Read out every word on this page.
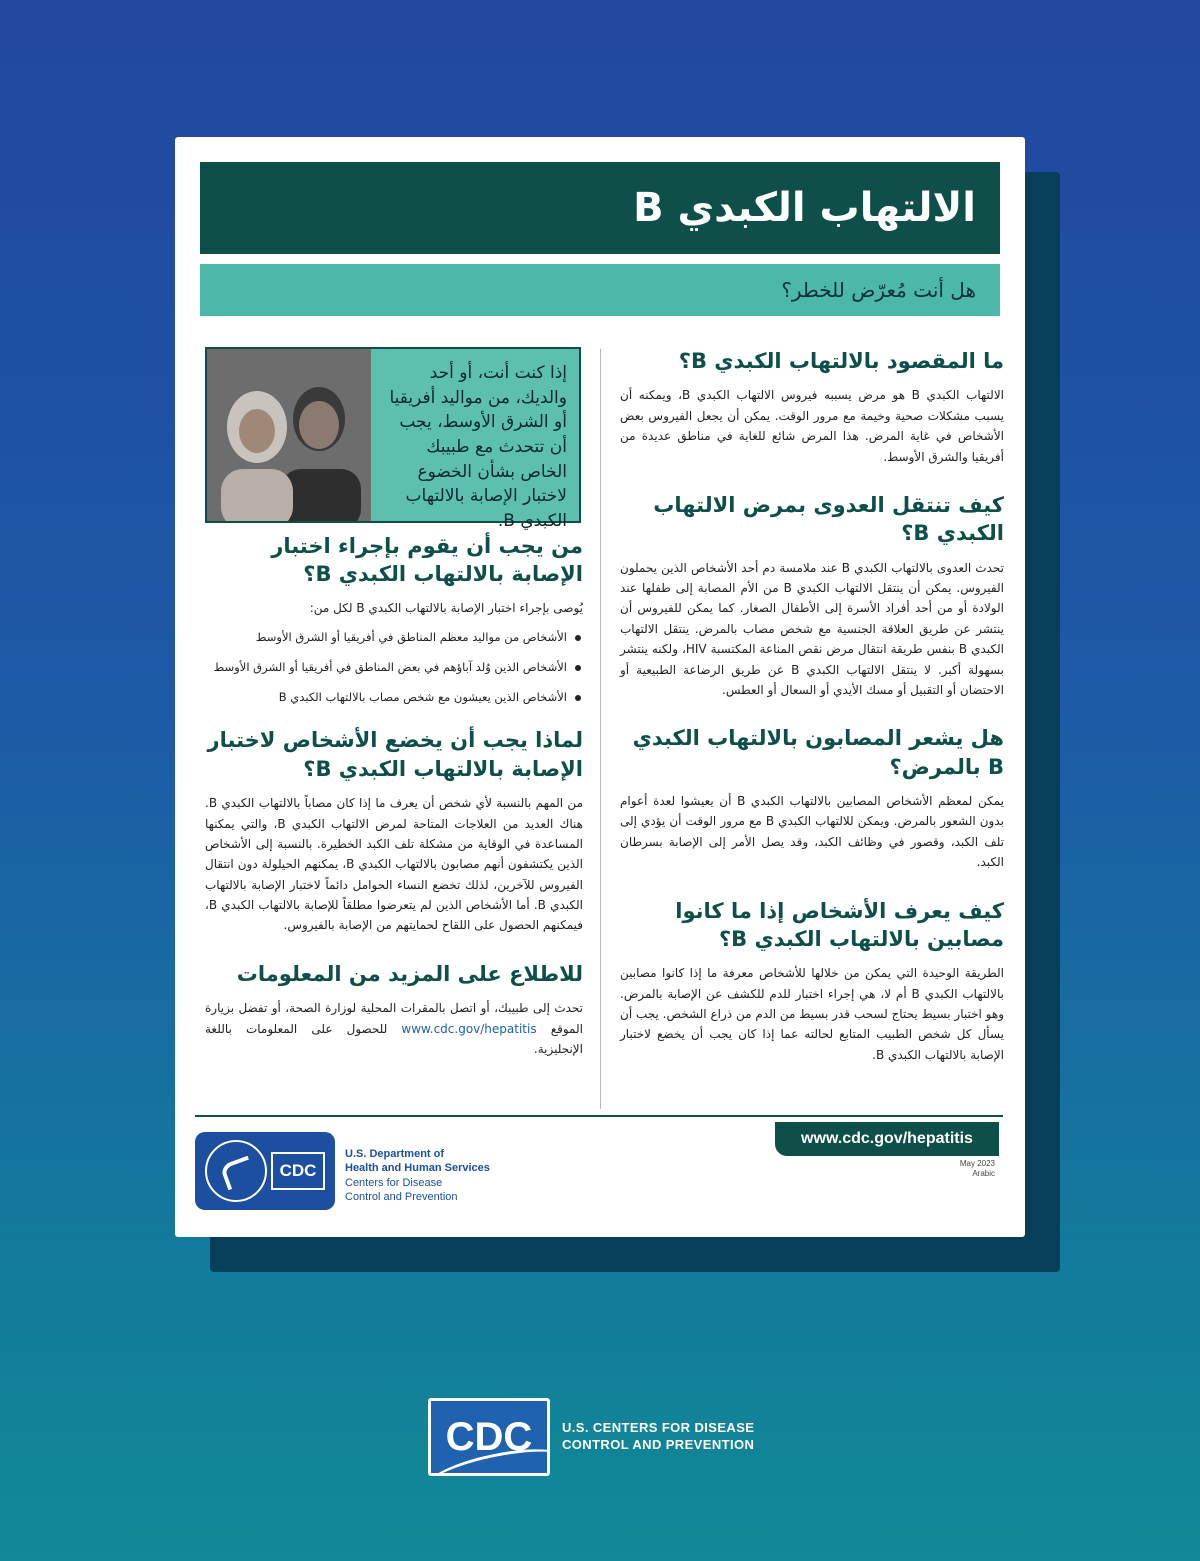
الالتهاب الكبدي B
هل أنت مُعرّض للخطر؟
إذا كنت أنت، أو أحد والديك، من مواليد أفريقيا أو الشرق الأوسط، يجب أن تتحدث مع طبيبك الخاص بشأن الخضوع لاختبار الإصابة بالالتهاب الكبدي B.
ما المقصود بالالتهاب الكبدي B؟

الالتهاب الكبدي B هو مرض يسببه فيروس الالتهاب الكبدي B، ويمكنه أن يسبب مشكلات صحية وخيمة مع مرور الوقت. يمكن أن يجعل الفيروس بعض الأشخاص في غاية المرض. هذا المرض شائع للغاية في مناطق عديدة من أفريقيا والشرق الأوسط.

كيف تنتقل العدوى بمرض الالتهاب الكبدي B؟

تحدث العدوى بالالتهاب الكبدي B عند ملامسة دم أحد الأشخاص الذين يحملون الفيروس. يمكن أن ينتقل الالتهاب الكبدي B من الأم المصابة إلى طفلها عند الولادة أو من أحد أفراد الأسرة إلى الأطفال الصغار. كما يمكن للفيروس أن ينتشر عن طريق العلاقة الجنسية مع شخص مصاب بالمرض. ينتقل الالتهاب الكبدي B بنفس طريقة انتقال مرض نقص المناعة المكتسبة HIV، ولكنه ينتشر بسهولة أكبر. لا ينتقل الالتهاب الكبدي B عن طريق الرضاعة الطبيعية أو الاحتضان أو التقبيل أو مسك الأيدي أو السعال أو العطس.

هل يشعر المصابون بالالتهاب الكبدي B بالمرض؟

يمكن لمعظم الأشخاص المصابين بالالتهاب الكبدي B أن يعيشوا لعدة أعوام بدون الشعور بالمرض. ويمكن للالتهاب الكبدي B مع مرور الوقت أن يؤدي إلى تلف الكبد، وقصور في وظائف الكبد، وقد يصل الأمر إلى الإصابة بسرطان الكبد.

كيف يعرف الأشخاص إذا ما كانوا مصابين بالالتهاب الكبدي B؟

الطريقة الوحيدة التي يمكن من خلالها للأشخاص معرفة ما إذا كانوا مصابين بالالتهاب الكبدي B أم لا، هي إجراء اختبار للدم للكشف عن الإصابة بالمرض. وهو اختبار بسيط يحتاج لسحب قدر بسيط من الدم من ذراع الشخص. يجب أن يسأل كل شخص الطبيب المتابع لحالته عما إذا كان يجب أن يخضع لاختبار الإصابة بالالتهاب الكبدي B.

من يجب أن يقوم بإجراء اختبار الإصابة بالالتهاب الكبدي B؟
يُوصى بإجراء اختبار الإصابة بالالتهاب الكبدي B لكل من:
الأشخاص من مواليد معظم المناطق في أفريقيا أو الشرق الأوسط
الأشخاص الذين وُلد آباؤهم في بعض المناطق في أفريقيا أو الشرق الأوسط
الأشخاص الذين يعيشون مع شخص مصاب بالالتهاب الكبدي B
لماذا يجب أن يخضع الأشخاص لاختبار الإصابة بالالتهاب الكبدي B؟

من المهم بالنسبة لأي شخص أن يعرف ما إذا كان مصاباً بالالتهاب الكبدي B. هناك العديد من العلاجات المتاحة لمرض الالتهاب الكبدي B، والتي يمكنها المساعدة في الوقاية من مشكلة تلف الكبد الخطيرة. بالنسبة إلى الأشخاص الذين يكتشفون أنهم مصابون بالالتهاب الكبدي B، يمكنهم الحيلولة دون انتقال الفيروس للآخرين، لذلك تخضع النساء الحوامل دائماً لاختبار الإصابة بالالتهاب الكبدي B. أما الأشخاص الذين لم يتعرضوا مطلقاً للإصابة بالالتهاب الكبدي B، فيمكنهم الحصول على اللقاح لحمايتهم من الإصابة بالفيروس.

للاطلاع على المزيد من المعلومات

تحدث إلى طبيبك، أو اتصل بالمقرات المحلية لوزارة الصحة، أو تفضل بزيارة الموقع www.cdc.gov/hepatitis للحصول على المعلومات باللغة الإنجليزية.

CDC
U.S. Department of
Health and Human Services
Centers for Disease
Control and Prevention
www.cdc.gov/hepatitis
May 2023
Arabic
CDC	U.S. CENTERS FOR DISEASE
CONTROL AND PREVENTION
